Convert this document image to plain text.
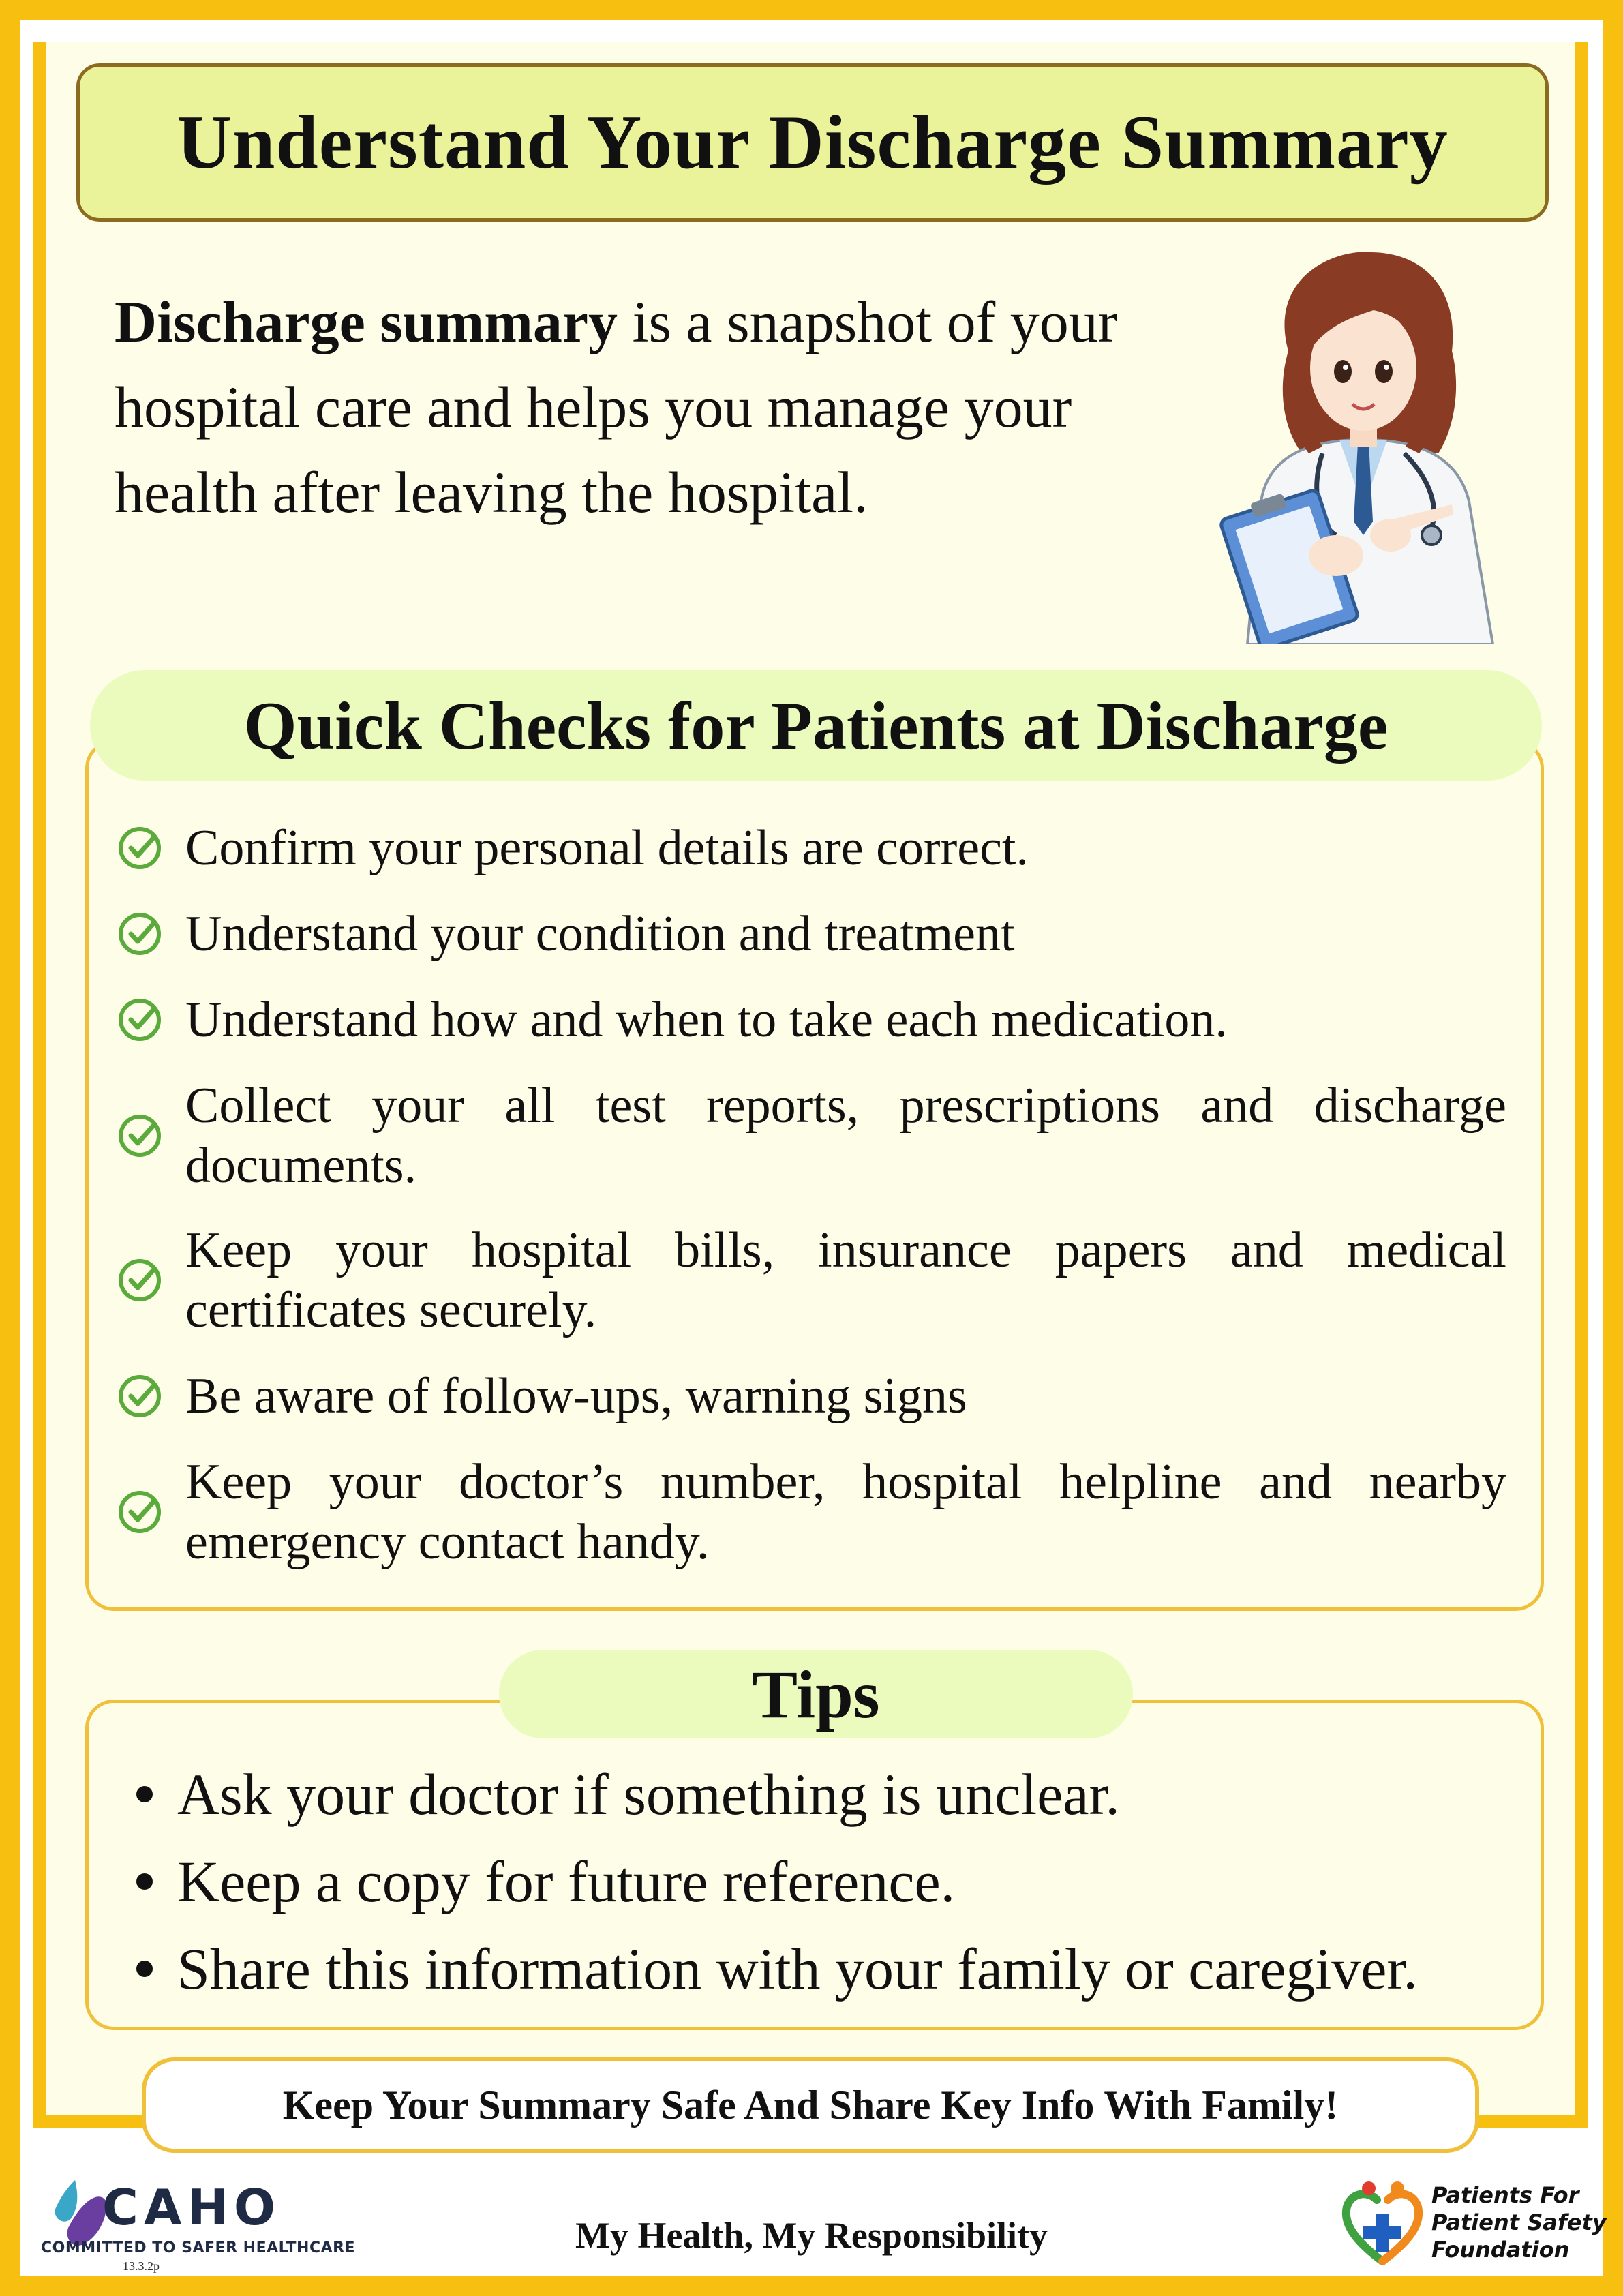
Understand Your Discharge Summary

Discharge summary is a snapshot of your hospital care and helps you manage your health after leaving the hospital.

Quick Checks for Patients at Discharge
Confirm your personal details are correct.
Understand your condition and treatment
Understand how and when to take each medication.
Collect your all test reports, prescriptions and discharge documents.
Keep your hospital bills, insurance papers and medical certificates securely.
Be aware of follow-ups, warning signs
Keep your doctor’s number, hospital helpline and nearby emergency contact handy.
Tips
Ask your doctor if something is unclear.
Keep a copy for future reference.
Share this information with your family or caregiver.
Keep Your Summary Safe And Share Key Info With Family!
CAHO
COMMITTED TO SAFER HEALTHCARE
13.3.2p
My Health, My Responsibility
Patients For
Patient Safety
Foundation
